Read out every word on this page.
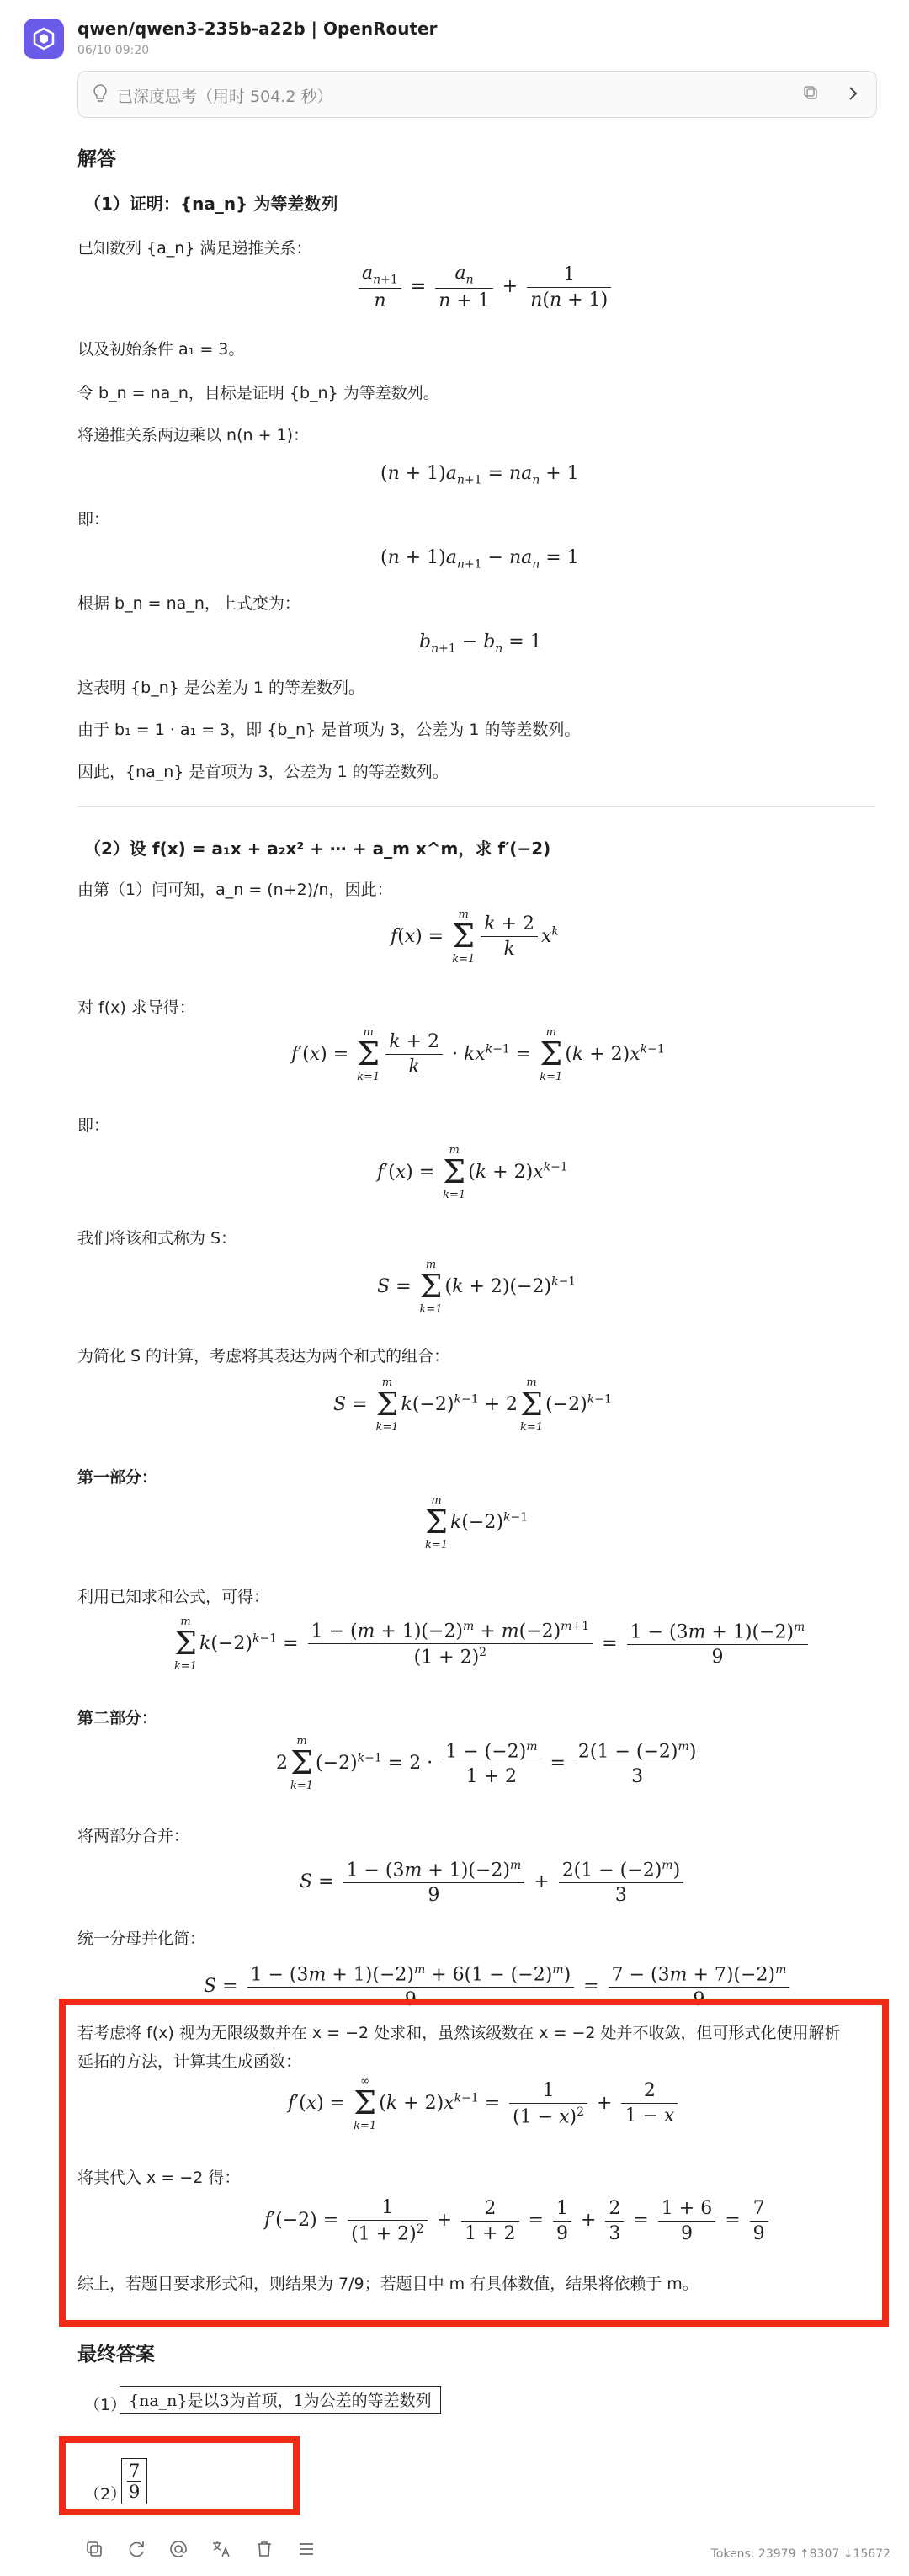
qwen/qwen3-235b-a22b | OpenRouter
06/10 09:20
已深度思考（用时 504.2 秒）
解答
（1）证明：{na_n} 为等差数列
已知数列 {a_n} 满足递推关系：
$\frac{a_{n+1}}{n} = \frac{a_n}{n + 1} + \frac{1}{n(n + 1)}$
以及初始条件 a₁ = 3。
令 b_n = na_n，目标是证明 {b_n} 为等差数列。
将递推关系两边乘以 n(n + 1)：
$(n + 1)a_{n+1} = na_n + 1$
即：
$(n + 1)a_{n+1} - na_n = 1$
根据 b_n = na_n，上式变为：
$b_{n+1} - b_n = 1$
这表明 {b_n} 是公差为 1 的等差数列。
由于 b₁ = 1 · a₁ = 3，即 {b_n} 是首项为 3，公差为 1 的等差数列。
因此，{na_n} 是首项为 3，公差为 1 的等差数列。
（2）设 f(x) = a₁x + a₂x² + ⋯ + a_m x^m，求 f′(−2)
由第（1）问可知，a_n = (n+2)/n，因此：
f(x) =
m
Σ
$k=1 \frac{k + 2}{k} x^k$
对 f(x) 求导得：
f′(x) =
m
Σ
$k=1 \frac{k + 2}{k} \cdot kx^{k-1}$ =
m
Σ
k=1
$(k + 2)x^{k-1}$
即：
f′(x) =
m
Σ
k=1
$(k + 2)x^{k-1}$
我们将该和式称为 S：
S =
m
Σ
k=1
$(k + 2)(-2)^{k-1}$
为简化 S 的计算，考虑将其表达为两个和式的组合：
S =
m
Σ
k=1
$k(-2)^{k-1} + 2$
m
Σ
k=1
$(-2)^{k-1}$
第一部分：
m
Σ
k=1
$k(-2)^{k-1}$
利用已知求和公式，可得：
m
Σ
k=1
$k(-2)^{k-1} = \frac{1 - (m + 1)(-2)^m + m(-2)^{m+1}}{(1 + 2)^2} = \frac{1 - (3m + 1)(-2)^m}{9}$
第二部分：
2
m
Σ
k=1
$(-2)^{k-1} = 2 \cdot \frac{1 - (-2)^m}{1 + 2} = \frac{2(1 - (-2)^m)}{3}$
将两部分合并：
$S = \frac{1 - (3m + 1)(-2)^m}{9} + \frac{2(1 - (-2)^m)}{3}$
统一分母并化简：
$S = \frac{1 - (3m + 1)(-2)^m + 6(1 - (-2)^m)}{9} = \frac{7 - (3m + 7)(-2)^m}{9}$
若考虑将 f(x) 视为无限级数并在 x = −2 处求和，虽然该级数在 x = −2 处并不收敛，但可形式化使用解析
延拓的方法，计算其生成函数：
f′(x) =
∞
Σ
k=1
$(k + 2)x^{k-1} = \frac{1}{(1 - x)^2} + \frac{2}{1 - x}$
将其代入 x = −2 得：
$f'(-2) = \frac{1}{(1 + 2)^2} + \frac{2}{1 + 2} = \frac{1}{9} + \frac{2}{3} = \frac{1 + 6}{9} = \frac{7}{9}$
综上，若题目要求形式和，则结果为 7/9；若题目中 m 有具体数值，结果将依赖于 m。
最终答案
（1） {na_n}是以3为首项，1为公差的等差数列
（2）
$\frac{7}{9}$
Tokens: 23979 ↑8307 ↓15672
